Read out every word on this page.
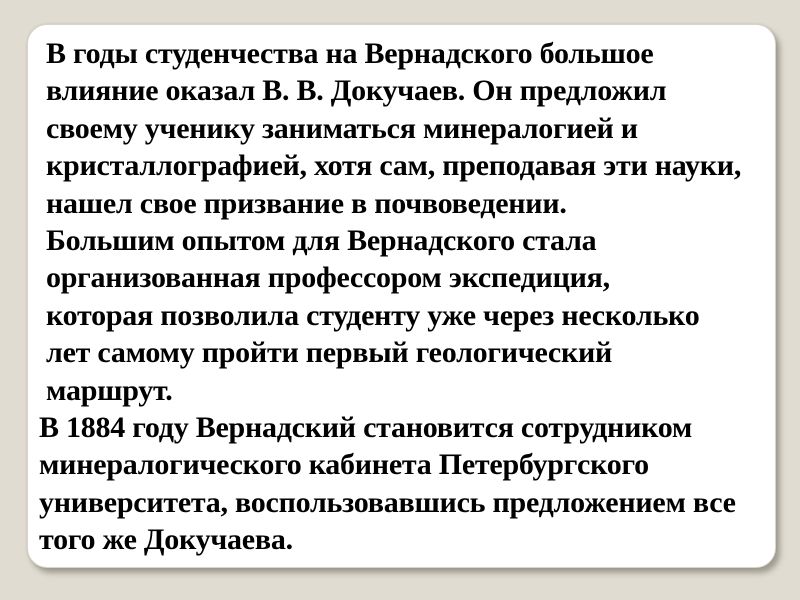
В годы студенчества на Вернадского большое
влияние оказал В. В. Докучаев. Он предложил
своему ученику заниматься минералогией и
кристаллографией, хотя сам, преподавая эти науки,
нашел свое призвание в почвоведении.
Большим опытом для Вернадского стала
организованная профессором экспедиция,
которая позволила студенту уже через несколько
лет самому пройти первый геологический
маршрут.
В 1884 году Вернадский становится сотрудником
минералогического кабинета Петербургского
университета, воспользовавшись предложением все
того же Докучаева.
